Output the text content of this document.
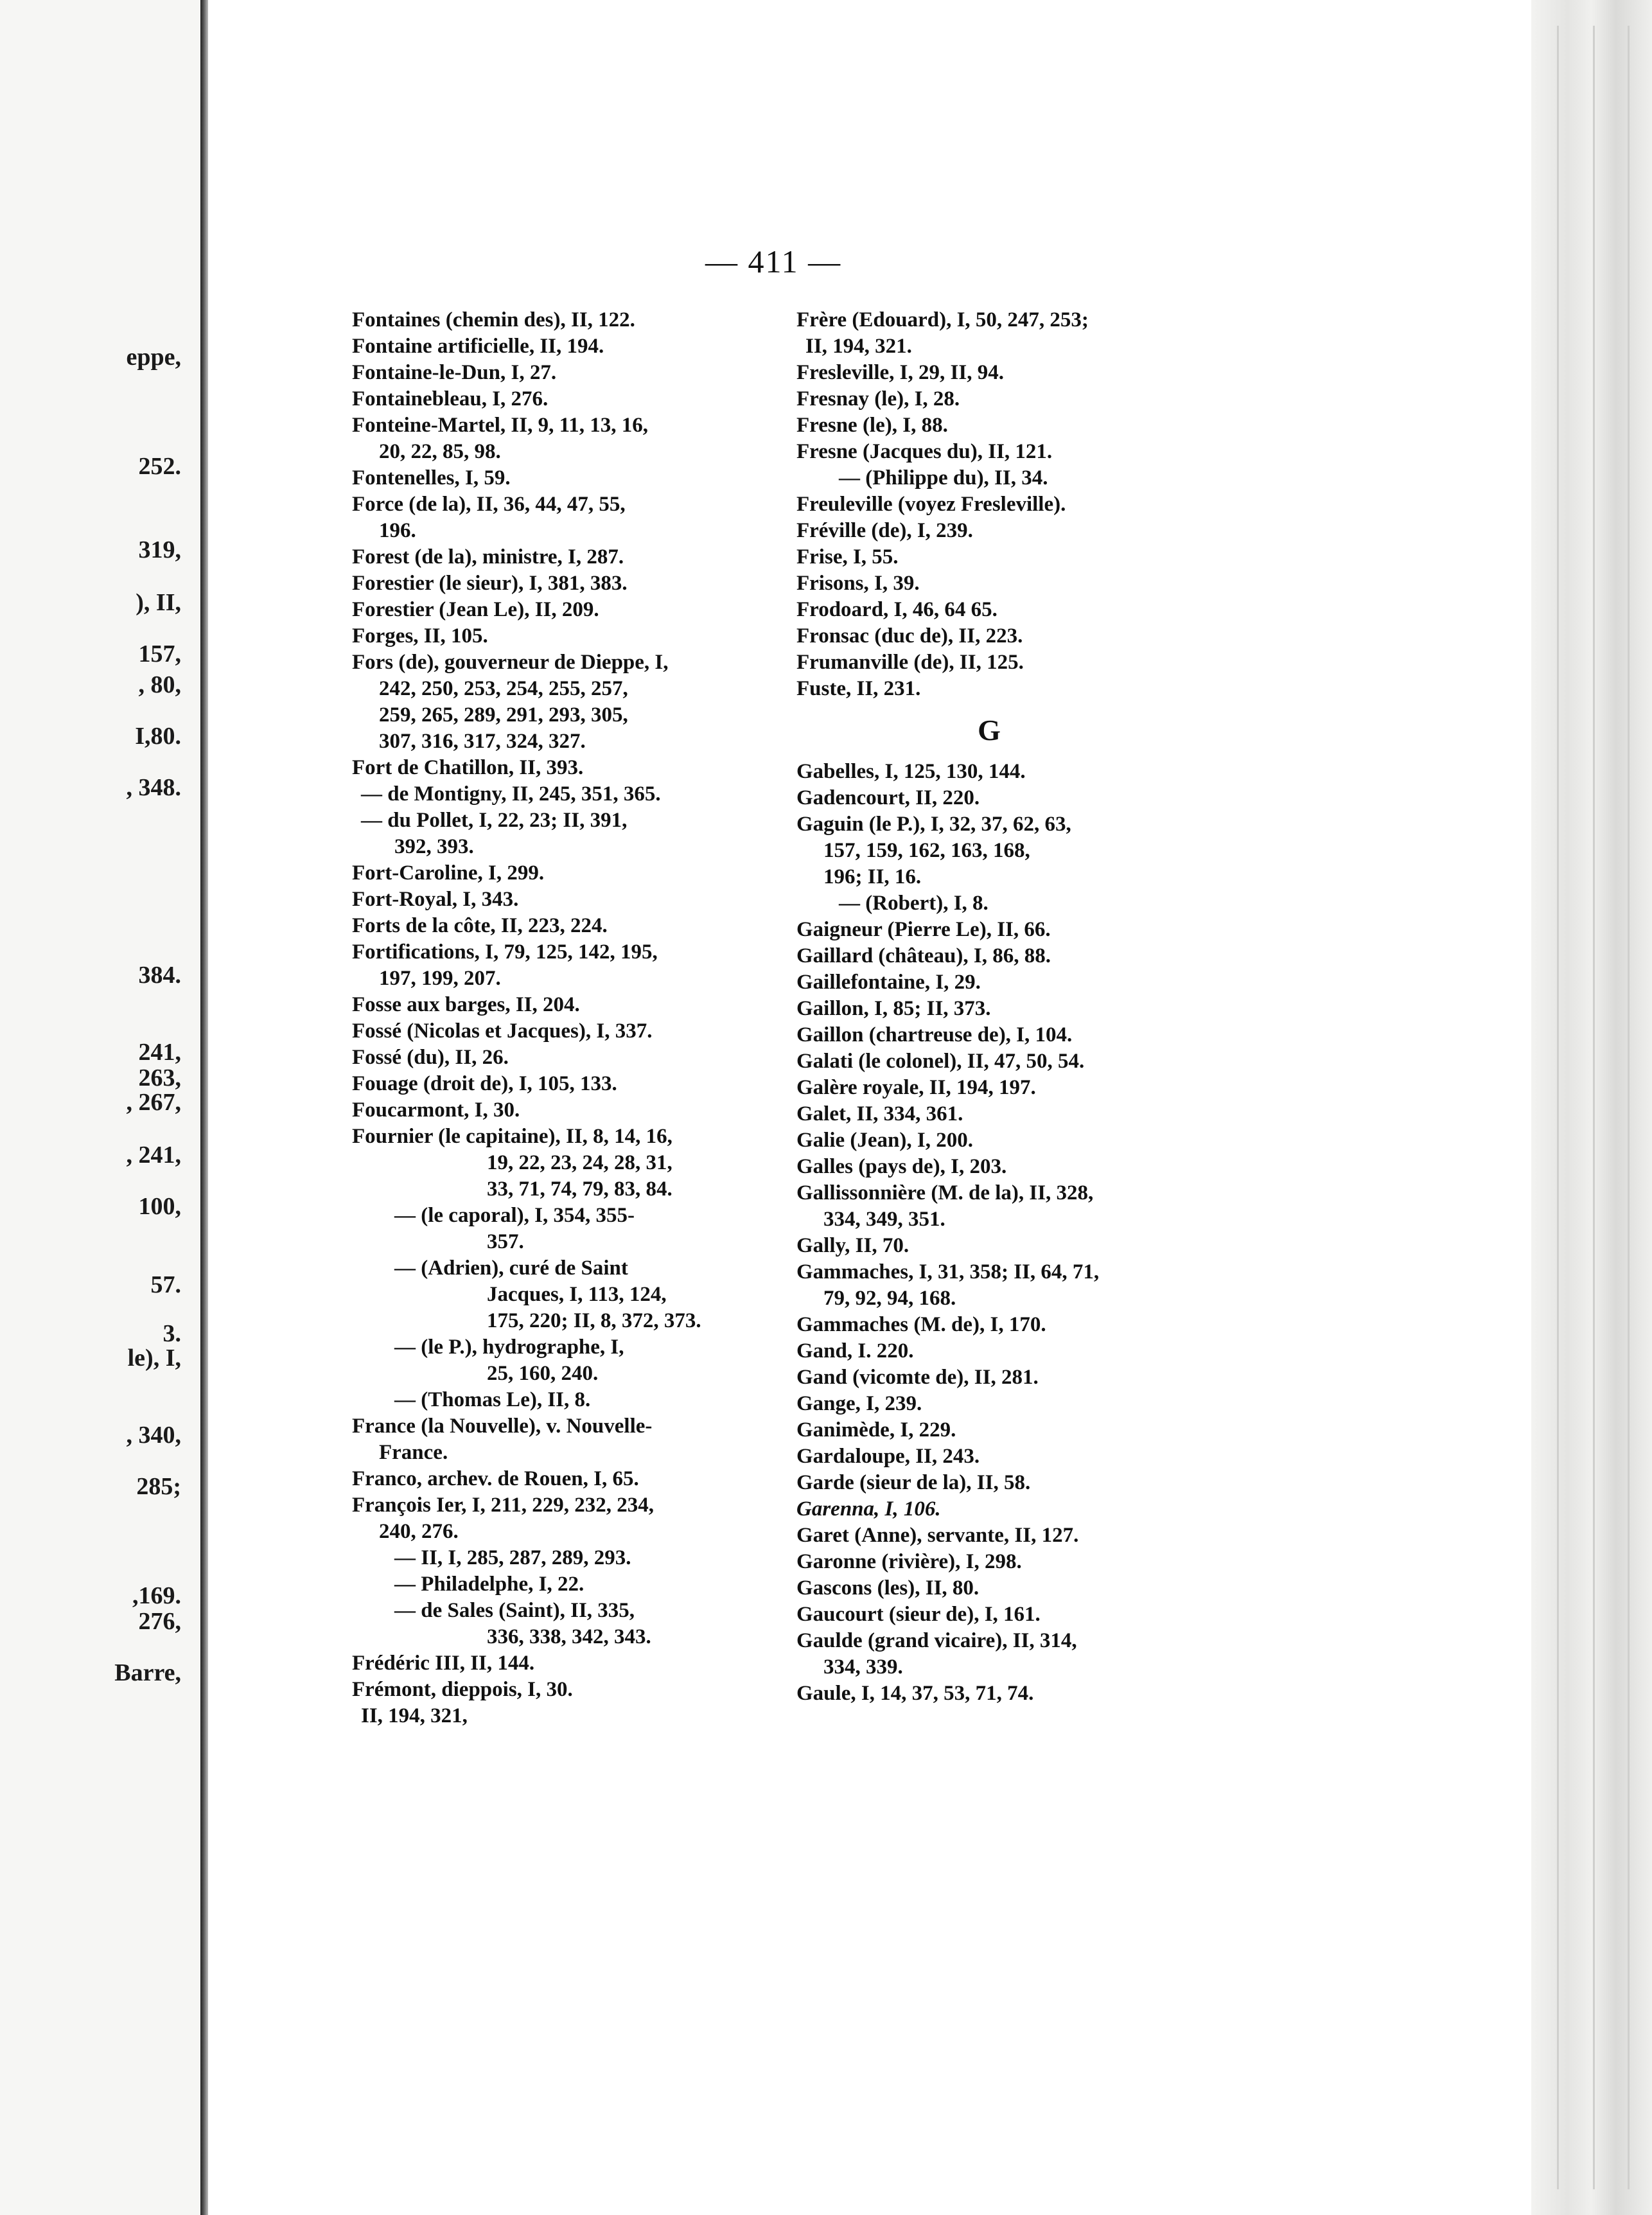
eppe,
252.
319,
), II,
157,
, 80,
I,80.
, 348.
384.
241,
263,
, 267,
, 241,
100,
57.
3.
le), I,
, 340,
285;
,169.
276,
Barre,
— 411 —
Fontaines (chemin des), II, 122.
Fontaine artificielle, II, 194.
Fontaine-le-Dun, I, 27.
Fontainebleau, I, 276.
Fonteine-Martel, II, 9, 11, 13, 16,
20, 22, 85, 98.
Fontenelles, I, 59.
Force (de la), II, 36, 44, 47, 55,
196.
Forest (de la), ministre, I, 287.
Forestier (le sieur), I, 381, 383.
Forestier (Jean Le), II, 209.
Forges, II, 105.
Fors (de), gouverneur de Dieppe, I,
242, 250, 253, 254, 255, 257,
259, 265, 289, 291, 293, 305,
307, 316, 317, 324, 327.
Fort de Chatillon, II, 393.
— de Montigny, II, 245, 351, 365.
— du Pollet, I, 22, 23; II, 391,
392, 393.
Fort-Caroline, I, 299.
Fort-Royal, I, 343.
Forts de la côte, II, 223, 224.
Fortifications, I, 79, 125, 142, 195,
197, 199, 207.
Fosse aux barges, II, 204.
Fossé (Nicolas et Jacques), I, 337.
Fossé (du), II, 26.
Fouage (droit de), I, 105, 133.
Foucarmont, I, 30.
Fournier (le capitaine), II, 8, 14, 16,
19, 22, 23, 24, 28, 31,
33, 71, 74, 79, 83, 84.
— (le caporal), I, 354, 355-
357.
— (Adrien), curé de Saint
Jacques, I, 113, 124,
175, 220; II, 8, 372, 373.
— (le P.), hydrographe, I,
25, 160, 240.
— (Thomas Le), II, 8.
France (la Nouvelle), v. Nouvelle-
France.
Franco, archev. de Rouen, I, 65.
François Ier, I, 211, 229, 232, 234,
240, 276.
— II, I, 285, 287, 289, 293.
— Philadelphe, I, 22.
— de Sales (Saint), II, 335,
336, 338, 342, 343.
Frédéric III, II, 144.
Frémont, dieppois, I, 30.
II, 194, 321,
Frère (Edouard), I, 50, 247, 253;
II, 194, 321.
Fresleville, I, 29, II, 94.
Fresnay (le), I, 28.
Fresne (le), I, 88.
Fresne (Jacques du), II, 121.
— (Philippe du), II, 34.
Freuleville (voyez Fresleville).
Fréville (de), I, 239.
Frise, I, 55.
Frisons, I, 39.
Frodoard, I, 46, 64 65.
Fronsac (duc de), II, 223.
Frumanville (de), II, 125.
Fuste, II, 231.
G
Gabelles, I, 125, 130, 144.
Gadencourt, II, 220.
Gaguin (le P.), I, 32, 37, 62, 63,
157, 159, 162, 163, 168,
196; II, 16.
— (Robert), I, 8.
Gaigneur (Pierre Le), II, 66.
Gaillard (château), I, 86, 88.
Gaillefontaine, I, 29.
Gaillon, I, 85; II, 373.
Gaillon (chartreuse de), I, 104.
Galati (le colonel), II, 47, 50, 54.
Galère royale, II, 194, 197.
Galet, II, 334, 361.
Galie (Jean), I, 200.
Galles (pays de), I, 203.
Gallissonnière (M. de la), II, 328,
334, 349, 351.
Gally, II, 70.
Gammaches, I, 31, 358; II, 64, 71,
79, 92, 94, 168.
Gammaches (M. de), I, 170.
Gand, I. 220.
Gand (vicomte de), II, 281.
Gange, I, 239.
Ganimède, I, 229.
Gardaloupe, II, 243.
Garde (sieur de la), II, 58.
Garenna, I, 106.
Garet (Anne), servante, II, 127.
Garonne (rivière), I, 298.
Gascons (les), II, 80.
Gaucourt (sieur de), I, 161.
Gaulde (grand vicaire), II, 314,
334, 339.
Gaule, I, 14, 37, 53, 71, 74.
